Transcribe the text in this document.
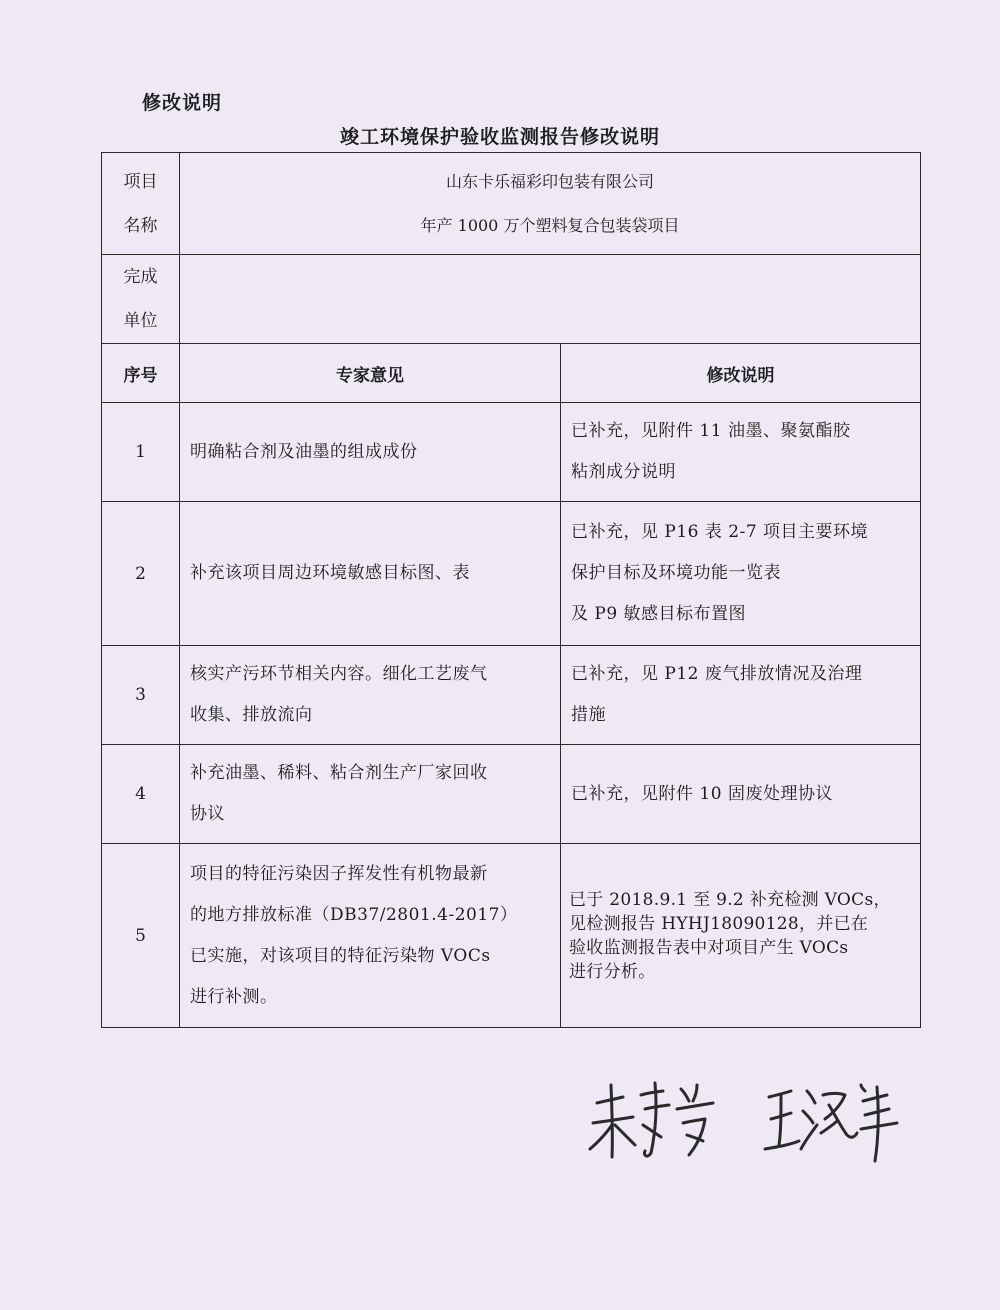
修改说明
竣工环境保护验收监测报告修改说明
项目
名称	山东卡乐福彩印包装有限公司
年产 1000 万个塑料复合包装袋项目	

完成
单位		

序号	专家意见	修改说明
1	明确粘合剂及油墨的组成成份	已补充，见附件 11 油墨、聚氨酯胶
粘剂成分说明

2	补充该项目周边环境敏感目标图、表	已补充，见 P16 表 2-7 项目主要环境
保护目标及环境功能一览表
及 P9 敏感目标布置图

3	核实产污环节相关内容。细化工艺废气
收集、排放流向	已补充，见 P12 废气排放情况及治理
措施

4	补充油墨、稀料、粘合剂生产厂家回收
协议	已补充，见附件 10 固废处理协议

5	项目的特征污染因子挥发性有机物最新
的地方排放标准（DB37/2801.4-2017）
已实施，对该项目的特征污染物 VOCs
进行补测。	已于 2018.9.1 至 9.2 补充检测 VOCs，
见检测报告 HYHJ18090128，并已在
验收监测报告表中对项目产生 VOCs
进行分析。
